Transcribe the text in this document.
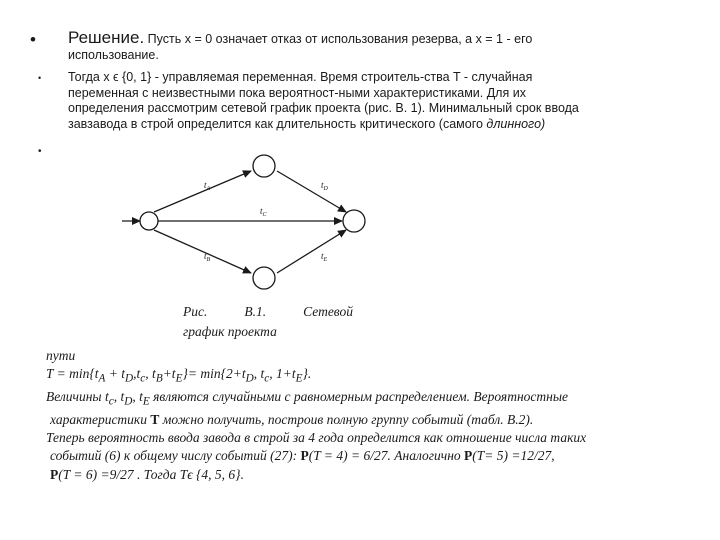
•
•
•
Решение. Пусть x = 0 означает отказ от использования резерва, а x = 1 - его
использование.
Тогда x ϵ {0, 1} - управляемая переменная. Время строитель-ства T - случайная
переменная с неизвестными пока вероятност-ными характеристиками. Для их
определения рассмотрим сетевой график проекта (рис. В. 1). Минимальный срок ввода
завзавода в строй определится как длительность критического (самого длинного)
$t_A$	$t_D$
$t_C$
$t_B$	$t_E$
Рис.	В.1.	Сетевой
график проекта
пути
$T = \min\{t_A + t_D,t_c$, $t_B+t_E\}= \min\{2+t_D$, $t_c$, $1+t_E$}.
Величины $t_c$, $t_D$, $t_E$ являются случайными с равномерным распределением. Вероятностные
характеристики T можно получить, построив полную группу событий (табл. В.2).
Теперь вероятность ввода завода в строй за 4 года определится как отношение числа таких
событий (6) к общему числу событий (27): P(T = 4) = 6/27. Аналогично P(T= 5) =12/27,
P(T = 6) =9/27 . Тогда Tϵ {4, 5, 6}.
